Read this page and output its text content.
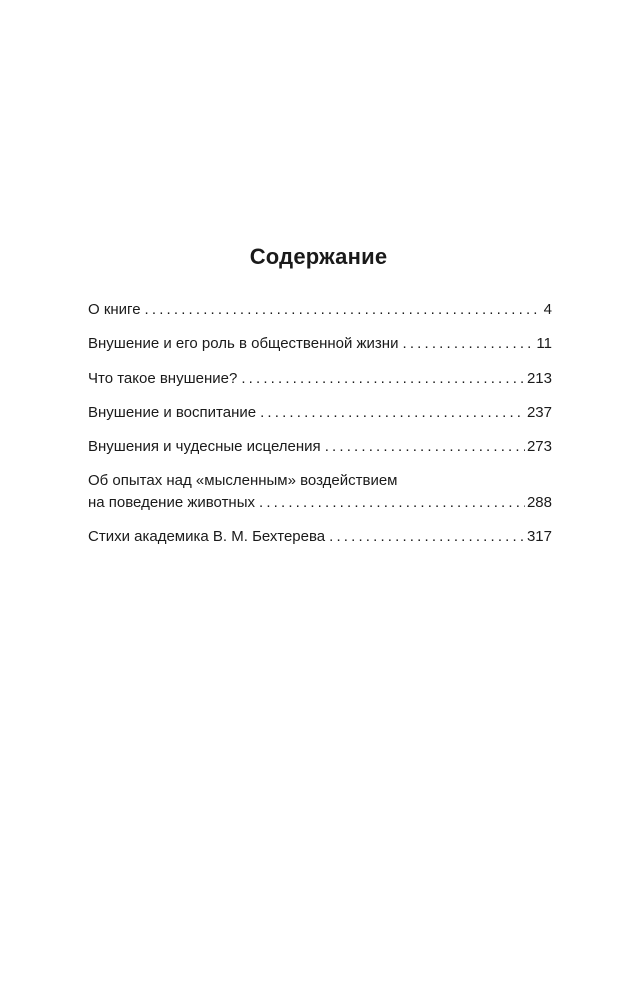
Содержание
О книге . . .	4
Внушение и его роль в общественной жизни . . .	11
Что такое внушение? . . .	213
Внушение и воспитание . . .	237
Внушения и чудесные исцеления . . .	273
Об опытах над «мысленным» воздействием
на поведение животных . . .	288
Стихи академика В. М. Бехтерева . . .	317
